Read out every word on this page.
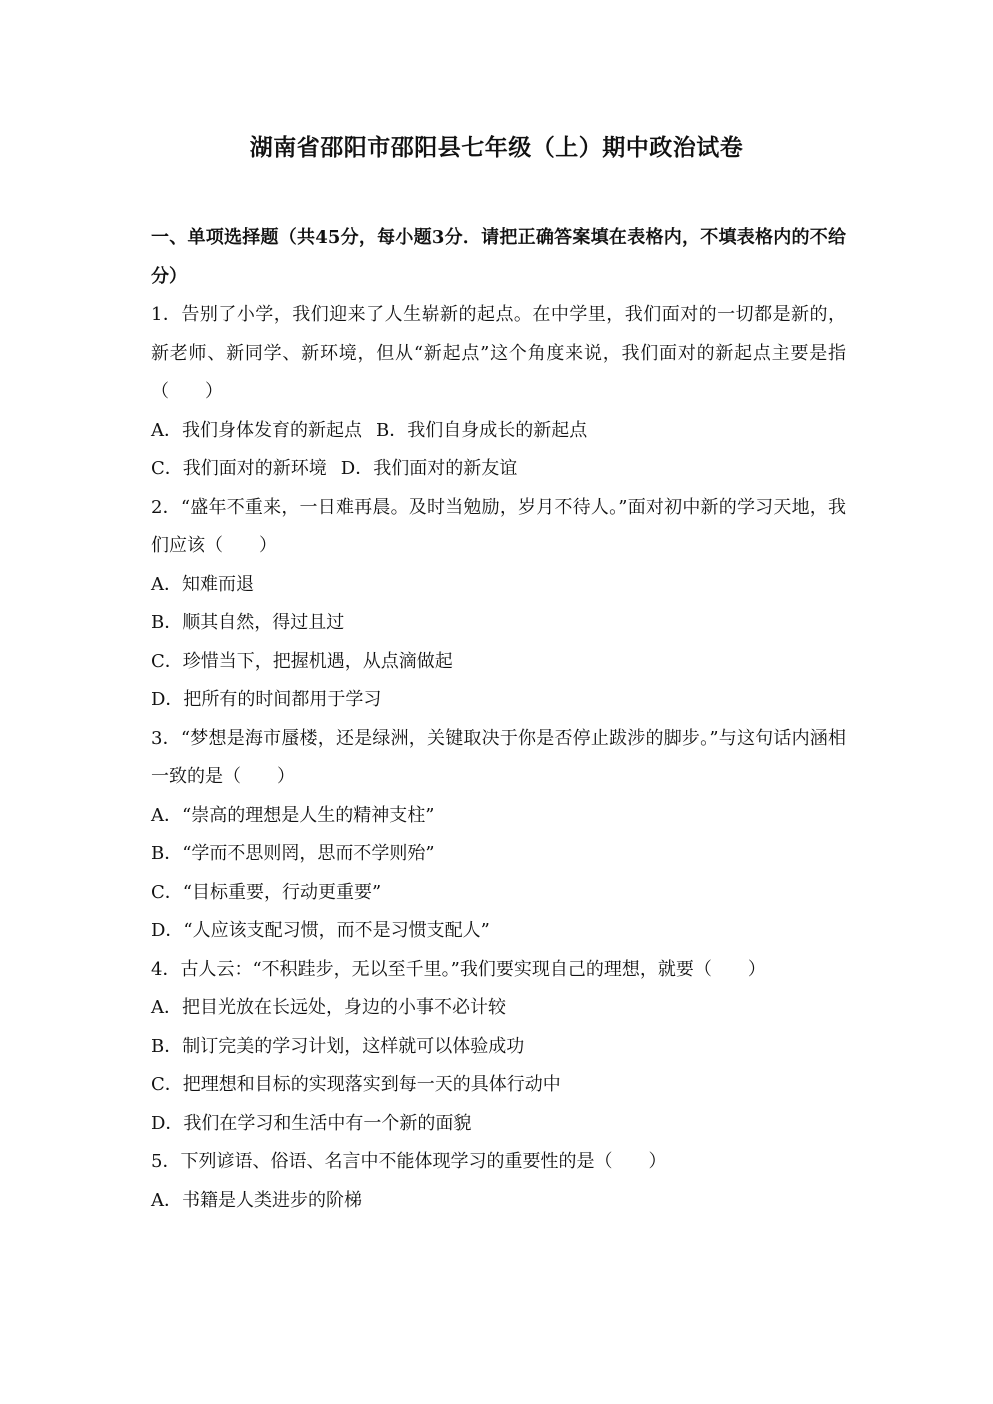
湖南省邵阳市邵阳县七年级（上）期中政治试卷
一、单项选择题（共45分，每小题3分．请把正确答案填在表格内，不填表格内的不给分）
1．告别了小学，我们迎来了人生崭新的起点。在中学里，我们面对的一切都是新的，新老师、新同学、新环境，但从“新起点”这个角度来说，我们面对的新起点主要是指（　　）
A．我们身体发育的新起点 B．我们自身成长的新起点
C．我们面对的新环境 D．我们面对的新友谊
2．“盛年不重来，一日难再晨。及时当勉励，岁月不待人。”面对初中新的学习天地，我们应该（　　）
A．知难而退
B．顺其自然，得过且过
C．珍惜当下，把握机遇，从点滴做起
D．把所有的时间都用于学习
3．“梦想是海市蜃楼，还是绿洲，关键取决于你是否停止跋涉的脚步。”与这句话内涵相一致的是（　　）
A．“崇高的理想是人生的精神支柱”
B．“学而不思则罔，思而不学则殆”
C．“目标重要，行动更重要”
D．“人应该支配习惯，而不是习惯支配人”
4．古人云：“不积跬步，无以至千里。”我们要实现自己的理想，就要（　　）
A．把目光放在长远处，身边的小事不必计较
B．制订完美的学习计划，这样就可以体验成功
C．把理想和目标的实现落实到每一天的具体行动中
D．我们在学习和生活中有一个新的面貌
5．下列谚语、俗语、名言中不能体现学习的重要性的是（　　）
A．书籍是人类进步的阶梯
